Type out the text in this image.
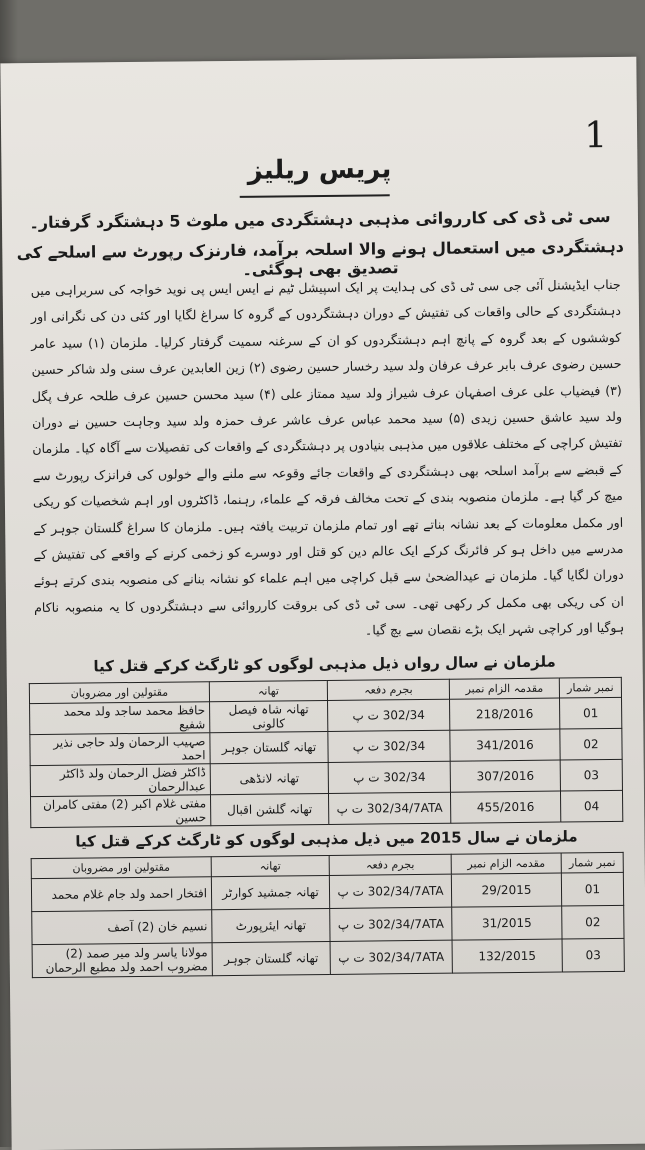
1
پریس ریلیز
سی ٹی ڈی کی کارروائی مذہبی دہشتگردی میں ملوث 5 دہشتگرد گرفتار۔
دہشتگردی میں استعمال ہونے والا اسلحہ برآمد، فارنزک رپورٹ سے اسلحے کی تصدیق بھی ہوگئی۔

جناب ایڈیشنل آئی جی سی ٹی ڈی کی ہدایت پر ایک اسپیشل ٹیم نے ایس ایس پی نوید خواجہ کی سربراہی میں دہشتگردی کے حالی واقعات کی تفتیش کے دوران دہشتگردوں کے گروہ کا سراغ لگایا اور کئی دن کی نگرانی اور کوششوں کے بعد گروہ کے پانچ اہم دہشتگردوں کو ان کے سرغنہ سمیت گرفتار کرلیا۔ ملزمان (۱) سید عامر حسین رضوی عرف بابر عرف عرفان ولد سید رخسار حسین رضوی (۲) زین العابدین عرف سنی ولد شاکر حسین (۳) فیضیاب علی عرف اصفہان عرف شیراز ولد سید ممتاز علی (۴) سید محسن حسین عرف طلحہ عرف پگل ولد سید عاشق حسین زیدی (۵) سید محمد عباس عرف عاشر عرف حمزہ ولد سید وجاہت حسین نے دوران تفتیش کراچی کے مختلف علاقوں میں مذہبی بنیادوں پر دہشتگردی کے واقعات کی تفصیلات سے آگاہ کیا۔ ملزمان کے قبضے سے برآمد اسلحہ بھی دہشتگردی کے واقعات جائے وقوعہ سے ملنے والے خولوں کی فرانزک رپورٹ سے میچ کر گیا ہے۔ ملزمان منصوبہ بندی کے تحت مخالف فرقہ کے علماء، رہنما، ڈاکٹروں اور اہم شخصیات کو ریکی اور مکمل معلومات کے بعد نشانہ بناتے تھے اور تمام ملزمان تربیت یافتہ ہیں۔ ملزمان کا سراغ گلستان جوہر کے مدرسے میں داخل ہو کر فائرنگ کرکے ایک عالم دین کو قتل اور دوسرے کو زخمی کرنے کے واقعے کی تفتیش کے دوران لگایا گیا۔ ملزمان نے عیدالضحیٰ سے قبل کراچی میں اہم علماء کو نشانہ بنانے کی منصوبہ بندی کرتے ہوئے ان کی ریکی بھی مکمل کر رکھی تھی۔ سی ٹی ڈی کی بروقت کارروائی سے دہشتگردوں کا یہ منصوبہ ناکام ہوگیا اور کراچی شہر ایک بڑے نقصان سے بچ گیا۔

ملزمان نے سال رواں ذیل مذہبی لوگوں کو ٹارگٹ کرکے قتل کیا
نمبر شمار	مقدمہ الزام نمبر	بجرم دفعہ	تھانہ	مقتولین اور مضروبان
01	218/2016	302/34 ت پ	تھانہ شاہ فیصل کالونی	حافظ محمد ساجد ولد محمد شفیع
02	341/2016	302/34 ت پ	تھانہ گلستان جوہر	صہیب الرحمان ولد حاجی نذیر احمد
03	307/2016	302/34 ت پ	تھانہ لانڈھی	ڈاکٹر فضل الرحمان ولد ڈاکٹر عبدالرحمان
04	455/2016	302/34/7ATA ت پ	تھانہ گلشن اقبال	مفتی غلام اکبر (2) مفتی کامران حسین
ملزمان نے سال 2015 میں ذیل مذہبی لوگوں کو ٹارگٹ کرکے قتل کیا
نمبر شمار	مقدمہ الزام نمبر	بجرم دفعہ	تھانہ	مقتولین اور مضروبان
01	29/2015	302/34/7ATA ت پ	تھانہ جمشید کوارٹر	افتخار احمد ولد جام غلام محمد
02	31/2015	302/34/7ATA ت پ	تھانہ ایئرپورٹ	نسیم خان (2) آصف
03	132/2015	302/34/7ATA ت پ	تھانہ گلستان جوہر	مولانا یاسر ولد میر صمد (2) مضروب احمد ولد مطیع الرحمان
